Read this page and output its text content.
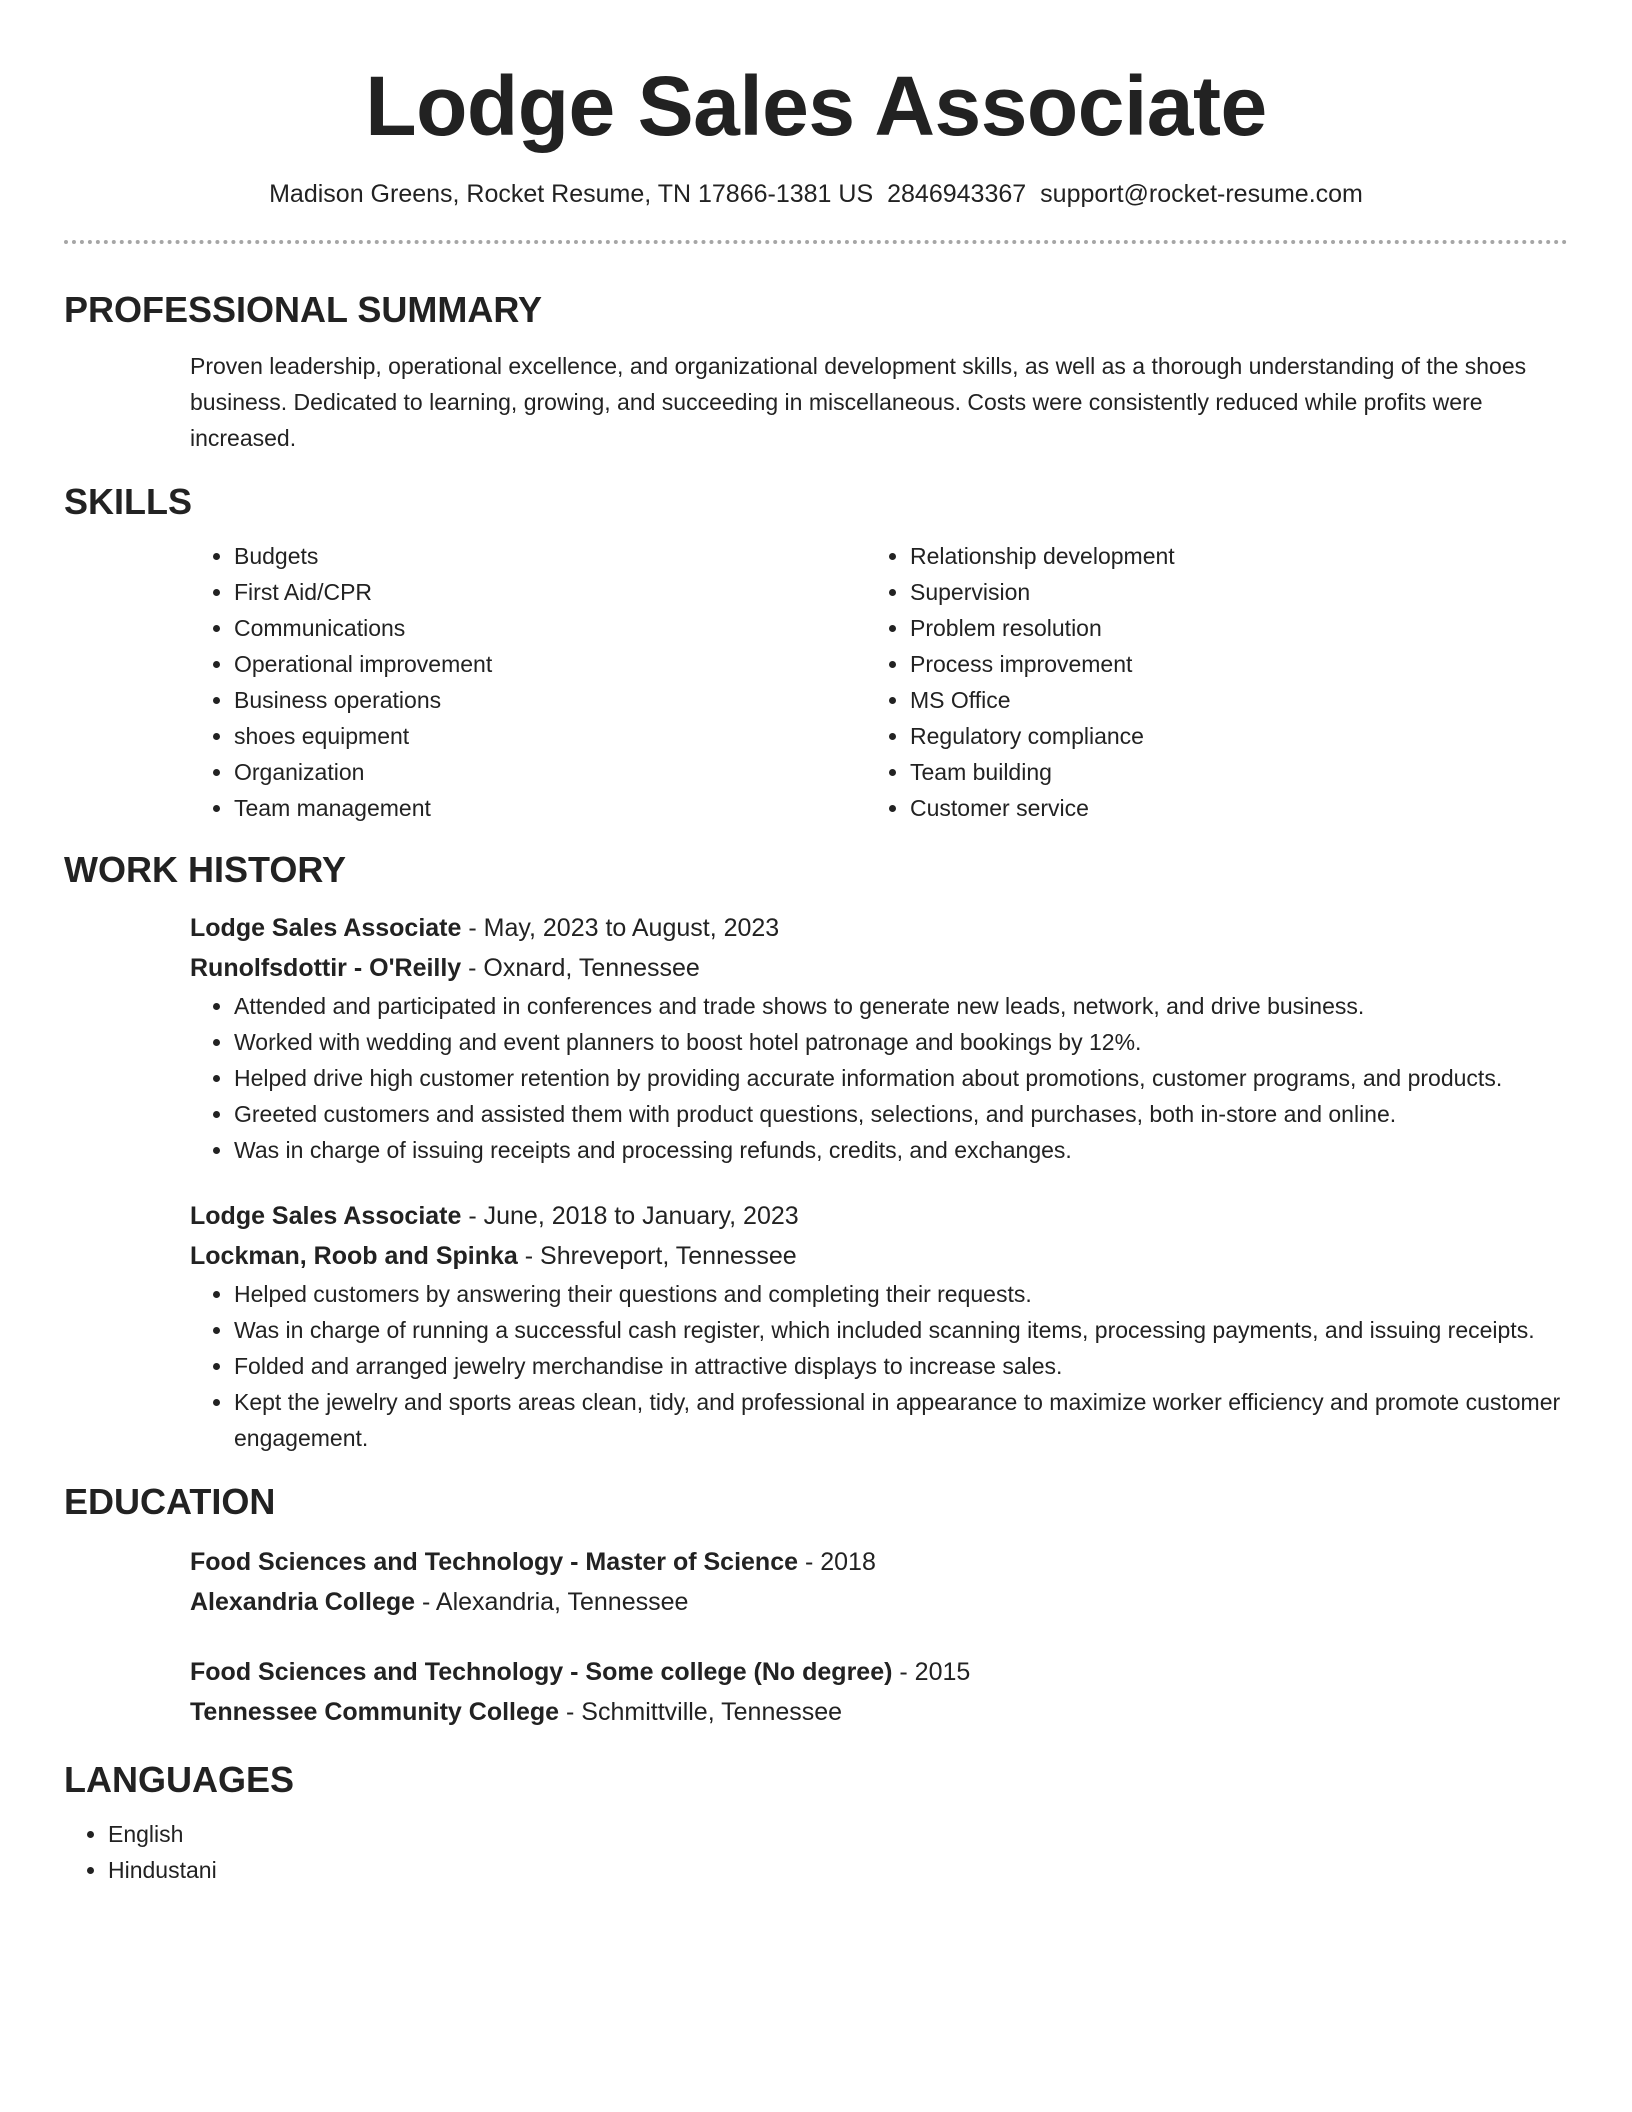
Lodge Sales Associate
Madison Greens, Rocket Resume, TN 17866-1381 US 2846943367 support@rocket-resume.com
PROFESSIONAL SUMMARY
Proven leadership, operational excellence, and organizational development skills, as well as a thorough understanding of the shoes business. Dedicated to learning, growing, and succeeding in miscellaneous. Costs were consistently reduced while profits were increased.
SKILLS
• Budgets
• First Aid/CPR
• Communications
• Operational improvement
• Business operations
• shoes equipment
• Organization
• Team management
• Relationship development
• Supervision
• Problem resolution
• Process improvement
• MS Office
• Regulatory compliance
• Team building
• Customer service
WORK HISTORY
Lodge Sales Associate - May, 2023 to August, 2023
Runolfsdottir - O'Reilly - Oxnard, Tennessee
• Attended and participated in conferences and trade shows to generate new leads, network, and drive business.
• Worked with wedding and event planners to boost hotel patronage and bookings by 12%.
• Helped drive high customer retention by providing accurate information about promotions, customer programs, and products.
• Greeted customers and assisted them with product questions, selections, and purchases, both in-store and online.
• Was in charge of issuing receipts and processing refunds, credits, and exchanges.
Lodge Sales Associate - June, 2018 to January, 2023
Lockman, Roob and Spinka - Shreveport, Tennessee
• Helped customers by answering their questions and completing their requests.
• Was in charge of running a successful cash register, which included scanning items, processing payments, and issuing receipts.
• Folded and arranged jewelry merchandise in attractive displays to increase sales.
• Kept the jewelry and sports areas clean, tidy, and professional in appearance to maximize worker efficiency and promote customer engagement.
EDUCATION
Food Sciences and Technology - Master of Science - 2018
Alexandria College - Alexandria, Tennessee
Food Sciences and Technology - Some college (No degree) - 2015
Tennessee Community College - Schmittville, Tennessee
LANGUAGES
• English
• Hindustani
